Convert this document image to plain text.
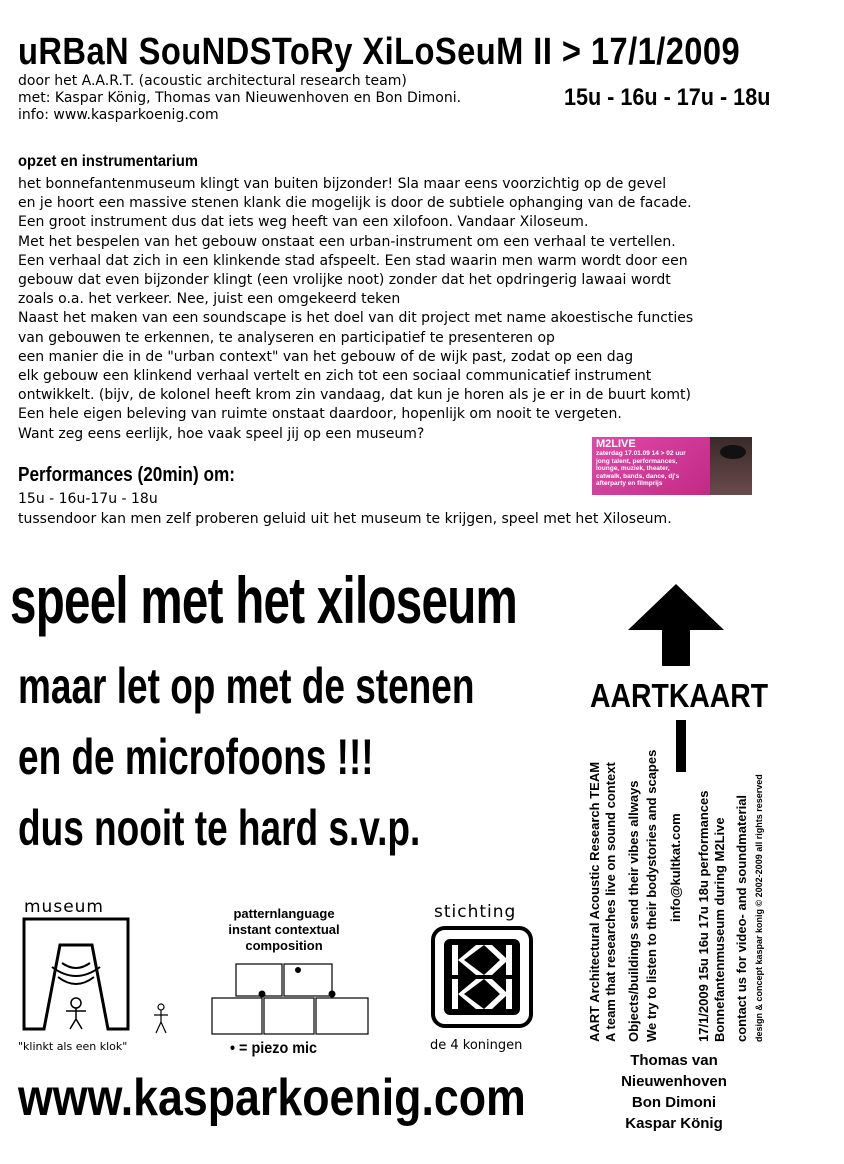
uRBaN SouNDSToRy XiLoSeuM II > 17/1/2009
door het A.A.R.T. (acoustic architectural research team)
met: Kaspar König, Thomas van Nieuwenhoven en Bon Dimoni.
info: www.kasparkoenig.com
15u - 16u - 17u - 18u
opzet en instrumentarium
het bonnefantenmuseum klingt van buiten bijzonder! Sla maar eens voorzichtig op de gevel
en je hoort een massive stenen klank die mogelijk is door de subtiele ophanging van de facade.
Een groot instrument dus dat iets weg heeft van een xilofoon. Vandaar Xiloseum.
Met het bespelen van het gebouw onstaat een urban-instrument om een verhaal te vertellen.
Een verhaal dat zich in een klinkende stad afspeelt. Een stad waarin men warm wordt door een
gebouw dat even bijzonder klingt (een vrolijke noot) zonder dat het opdringerig lawaai wordt
zoals o.a. het verkeer. Nee, juist een omgekeerd teken
Naast het maken van een soundscape is het doel van dit project met name akoestische functies
van gebouwen te erkennen, te analyseren en participatief te presenteren op
een manier die in de "urban context" van het gebouw of de wijk past, zodat op een dag
elk gebouw een klinkend verhaal vertelt en zich tot een sociaal communicatief instrument
ontwikkelt. (bijv, de kolonel heeft krom zin vandaag, dat kun je horen als je er in de buurt komt)
Een hele eigen beleving van ruimte onstaat daardoor, hopenlijk om nooit te vergeten.
Want zeg eens eerlijk, hoe vaak speel jij op een museum?
Performances (20min) om:
15u - 16u-17u - 18u
tussendoor kan men zelf proberen geluid uit het museum te krijgen, speel met het Xiloseum.
M2LIVE
zaterdag 17.01.09 14 > 02 uur
jong talent, performances,
lounge, muziek, theater,
catwalk, bands, dance, dj's
afterparty en filmprijs
speel met het xiloseum
maar let op met de stenen
en de microfoons !!!
dus nooit te hard s.v.p.
AARTKAART
AART Architectural Acoustic Research TEAM A team that researches live on sound context Objects/buildings send their vibes allways We try to listen to their bodystories and scapes info@kultkat.com 17/1/2009 15u 16u 17u 18u performances Bonnefantenmuseum during M2Live contact us for video- and soundmaterial design & concept kaspar konig © 2002-2009 all rights reserved
Thomas van
Nieuwenhoven
Bon Dimoni
Kaspar König
museum
"klinkt als een klok"
patternlanguage
instant contextual
composition
• = piezo mic
stichting
de 4 koningen
www.kasparkoenig.com
